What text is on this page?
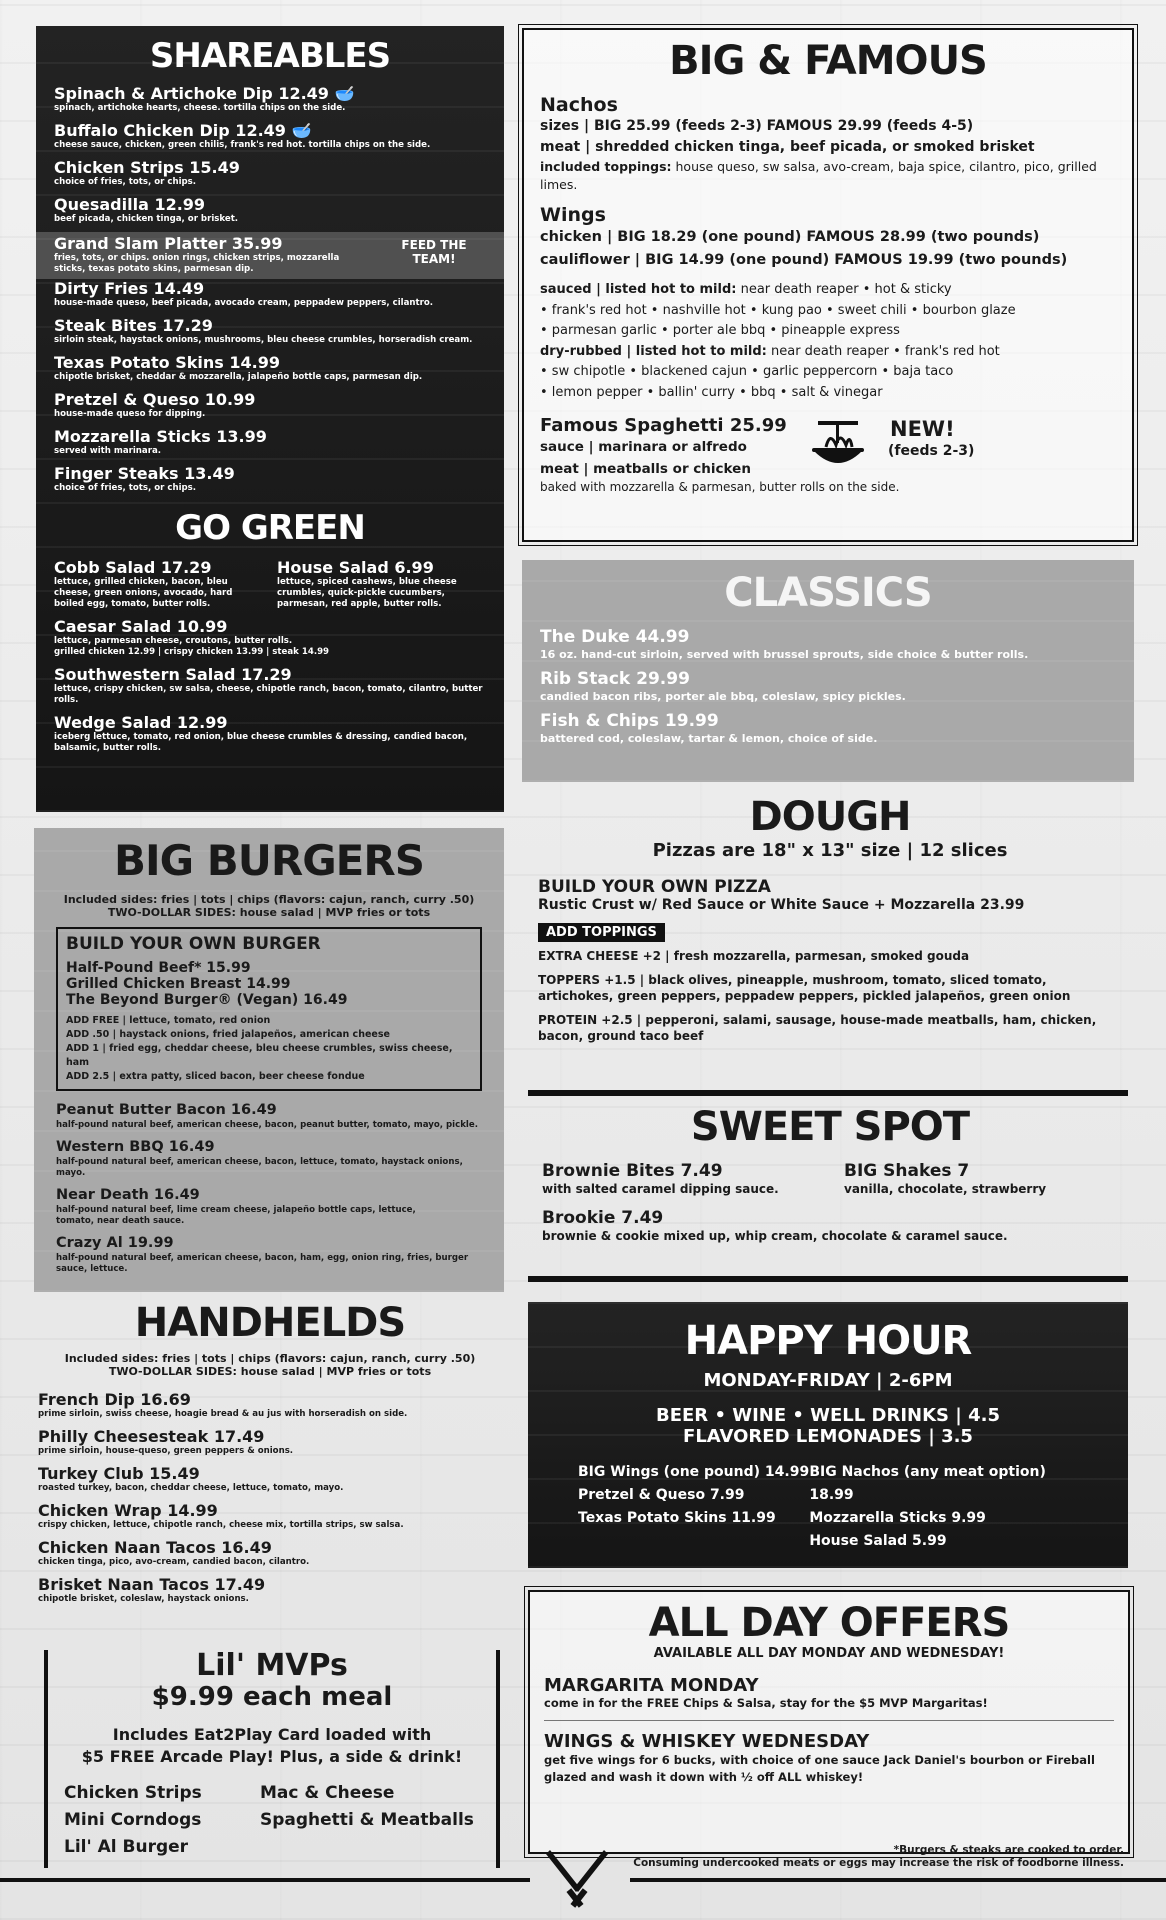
SHAREABLES
Spinach & Artichoke Dip 12.49 🥣
spinach, artichoke hearts, cheese. tortilla chips on the side.
Buffalo Chicken Dip 12.49 🥣
cheese sauce, chicken, green chilis, frank's red hot. tortilla chips on the side.
Chicken Strips 15.49
choice of fries, tots, or chips.
Quesadilla 12.99
beef picada, chicken tinga, or brisket.
Grand Slam Platter 35.99
fries, tots, or chips. onion rings, chicken strips, mozzarella sticks, texas potato skins, parmesan dip.
FEED THE TEAM!
Dirty Fries 14.49
house-made queso, beef picada, avocado cream, peppadew peppers, cilantro.
Steak Bites 17.29
sirloin steak, haystack onions, mushrooms, bleu cheese crumbles, horseradish cream.
Texas Potato Skins 14.99
chipotle brisket, cheddar & mozzarella, jalapeño bottle caps, parmesan dip.
Pretzel & Queso 10.99
house-made queso for dipping.
Mozzarella Sticks 13.99
served with marinara.
Finger Steaks 13.49
choice of fries, tots, or chips.
GO GREEN
Cobb Salad 17.29
lettuce, grilled chicken, bacon, bleu cheese, green onions, avocado, hard boiled egg, tomato, butter rolls.
House Salad 6.99
lettuce, spiced cashews, blue cheese crumbles, quick-pickle cucumbers, parmesan, red apple, butter rolls.
Caesar Salad 10.99
lettuce, parmesan cheese, croutons, butter rolls.
grilled chicken 12.99 | crispy chicken 13.99 | steak 14.99
Southwestern Salad 17.29
lettuce, crispy chicken, sw salsa, cheese, chipotle ranch, bacon, tomato, cilantro, butter rolls.
Wedge Salad 12.99
iceberg lettuce, tomato, red onion, blue cheese crumbles & dressing, candied bacon, balsamic, butter rolls.
BIG BURGERS
Included sides: fries | tots | chips (flavors: cajun, ranch, curry .50)
TWO-DOLLAR SIDES: house salad | MVP fries or tots
BUILD YOUR OWN BURGER
Half-Pound Beef* 15.99
Grilled Chicken Breast 14.99
The Beyond Burger® (Vegan) 16.49
ADD FREE | lettuce, tomato, red onion
ADD .50 | haystack onions, fried jalapeños, american cheese
ADD 1 | fried egg, cheddar cheese, bleu cheese crumbles, swiss cheese, ham
ADD 2.5 | extra patty, sliced bacon, beer cheese fondue
Peanut Butter Bacon 16.49
half-pound natural beef, american cheese, bacon, peanut butter, tomato, mayo, pickle.
Western BBQ 16.49
half-pound natural beef, american cheese, bacon, lettuce, tomato, haystack onions, mayo.
Near Death 16.49
half-pound natural beef, lime cream cheese, jalapeño bottle caps, lettuce, tomato, near death sauce.
Crazy Al 19.99
half-pound natural beef, american cheese, bacon, ham, egg, onion ring, fries, burger sauce, lettuce.
HANDHELDS
Included sides: fries | tots | chips (flavors: cajun, ranch, curry .50)
TWO-DOLLAR SIDES: house salad | MVP fries or tots
French Dip 16.69
prime sirloin, swiss cheese, hoagie bread & au jus with horseradish on side.
Philly Cheesesteak 17.49
prime sirloin, house-queso, green peppers & onions.
Turkey Club 15.49
roasted turkey, bacon, cheddar cheese, lettuce, tomato, mayo.
Chicken Wrap 14.99
crispy chicken, lettuce, chipotle ranch, cheese mix, tortilla strips, sw salsa.
Chicken Naan Tacos 16.49
chicken tinga, pico, avo-cream, candied bacon, cilantro.
Brisket Naan Tacos 17.49
chipotle brisket, coleslaw, haystack onions.
Lil' MVPs
$9.99 each meal
Includes Eat2Play Card loaded with
$5 FREE Arcade Play! Plus, a side & drink!
Chicken Strips
Mini Corndogs
Lil' Al Burger
Mac & Cheese
Spaghetti & Meatballs
BIG & FAMOUS
Nachos
sizes | BIG 25.99 (feeds 2-3) FAMOUS 29.99 (feeds 4-5)
meat | shredded chicken tinga, beef picada, or smoked brisket
included toppings: house queso, sw salsa, avo-cream, baja spice, cilantro, pico, grilled limes.
Wings
chicken | BIG 18.29 (one pound) FAMOUS 28.99 (two pounds)
cauliflower | BIG 14.99 (one pound) FAMOUS 19.99 (two pounds)
sauced | listed hot to mild: near death reaper • hot & sticky
• frank's red hot • nashville hot • kung pao • sweet chili • bourbon glaze
• parmesan garlic • porter ale bbq • pineapple express
dry-rubbed | listed hot to mild: near death reaper • frank's red hot
• sw chipotle • blackened cajun • garlic peppercorn • baja taco
• lemon pepper • ballin' curry • bbq • salt & vinegar
Famous Spaghetti 25.99
sauce | marinara or alfredo
meat | meatballs or chicken
baked with mozzarella & parmesan, butter rolls on the side.
NEW!
(feeds 2-3)
CLASSICS
The Duke 44.99
16 oz. hand-cut sirloin, served with brussel sprouts, side choice & butter rolls.
Rib Stack 29.99
candied bacon ribs, porter ale bbq, coleslaw, spicy pickles.
Fish & Chips 19.99
battered cod, coleslaw, tartar & lemon, choice of side.
DOUGH
Pizzas are 18" x 13" size | 12 slices
BUILD YOUR OWN PIZZA
Rustic Crust w/ Red Sauce or White Sauce + Mozzarella 23.99
ADD TOPPINGS
EXTRA CHEESE +2 | fresh mozzarella, parmesan, smoked gouda
TOPPERS +1.5 | black olives, pineapple, mushroom, tomato, sliced tomato, artichokes, green peppers, peppadew peppers, pickled jalapeños, green onion
PROTEIN +2.5 | pepperoni, salami, sausage, house-made meatballs, ham, chicken, bacon, ground taco beef
SWEET SPOT
Brownie Bites 7.49
with salted caramel dipping sauce.
BIG Shakes 7
vanilla, chocolate, strawberry
Brookie 7.49
brownie & cookie mixed up, whip cream, chocolate & caramel sauce.
HAPPY HOUR
MONDAY-FRIDAY | 2-6PM
BEER • WINE • WELL DRINKS | 4.5
FLAVORED LEMONADES | 3.5
BIG Wings (one pound) 14.99
Pretzel & Queso 7.99
Texas Potato Skins 11.99
BIG Nachos (any meat option) 18.99
Mozzarella Sticks 9.99
House Salad 5.99
ALL DAY OFFERS
AVAILABLE ALL DAY MONDAY AND WEDNESDAY!
MARGARITA MONDAY
come in for the FREE Chips & Salsa, stay for the $5 MVP Margaritas!
WINGS & WHISKEY WEDNESDAY
get five wings for 6 bucks, with choice of one sauce Jack Daniel's bourbon or Fireball glazed and wash it down with ½ off ALL whiskey!
*Burgers & steaks are cooked to order.
Consuming undercooked meats or eggs may increase the risk of foodborne illness.
